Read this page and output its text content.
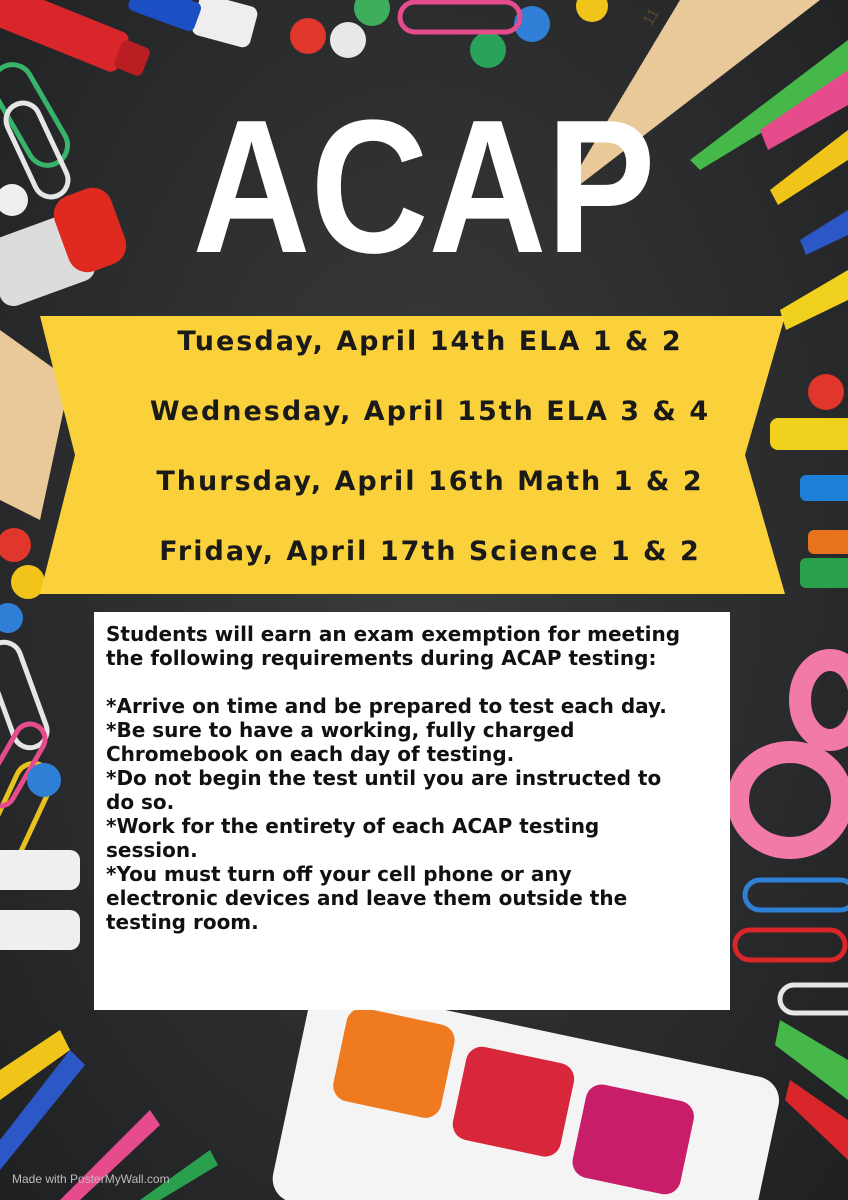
ACAP
Tuesday, April 14th ELA 1 & 2
Wednesday, April 15th ELA 3 & 4
Thursday, April 16th Math 1 & 2
Friday, April 17th Science 1 & 2

Students will earn an exam exemption for meeting

the following requirements during ACAP testing:

*Arrive on time and be prepared to test each day.

*Be sure to have a working, fully charged

Chromebook on each day of testing.

*Do not begin the test until you are instructed to

do so.

*Work for the entirety of each ACAP testing

session.

*You must turn off your cell phone or any

electronic devices and leave them outside the

testing room.

11
Made with PosterMyWall.com
